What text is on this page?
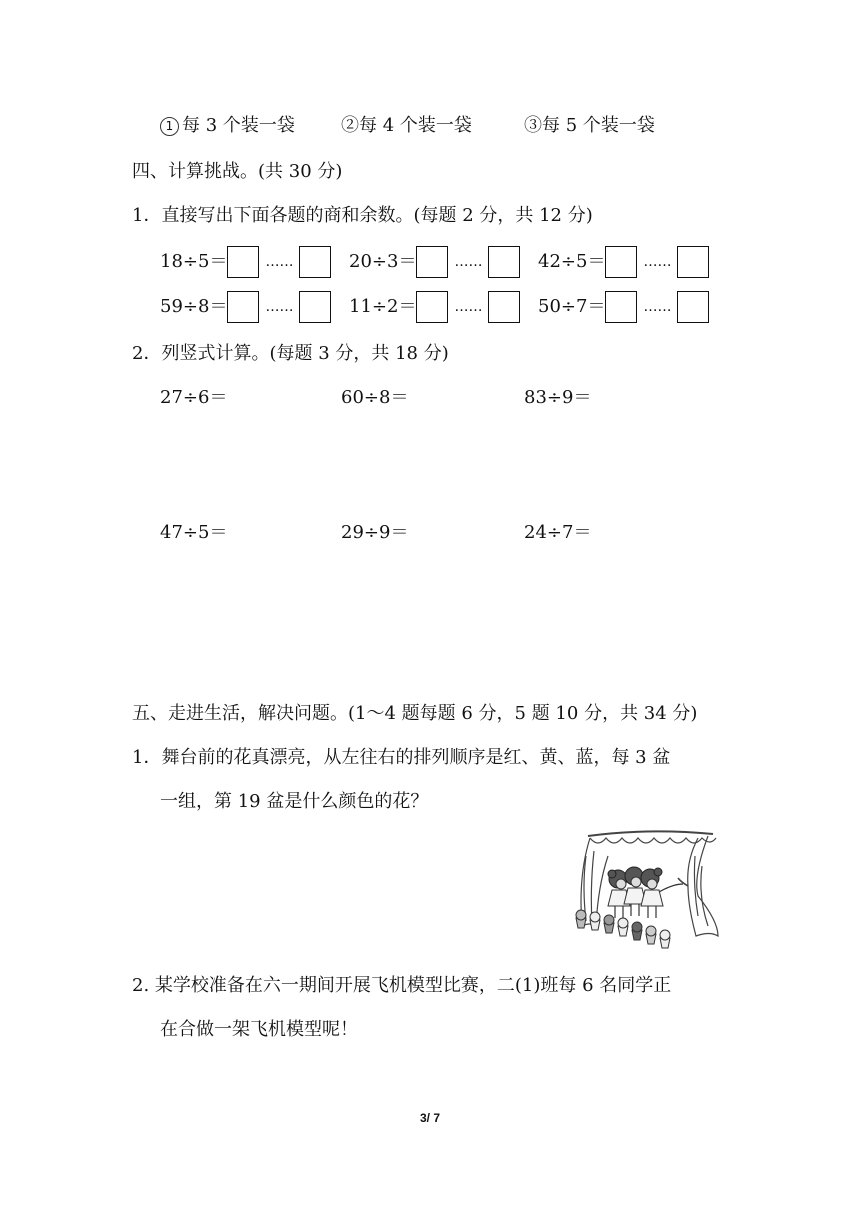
1 每 3 个装一袋	②每 4 个装一袋	③每 5 个装一袋
四、计算挑战。(共 30 分)
1．直接写出下面各题的商和余数。(每题 2 分，共 12 分)
18÷5＝	……	20÷3＝	……	42÷5＝	……
59÷8＝	……	11÷2＝	……	50÷7＝	……
2．列竖式计算。(每题 3 分，共 18 分)
27÷6＝	60÷8＝	83÷9＝
47÷5＝	29÷9＝	24÷7＝
五、走进生活，解决问题。(1～4 题每题 6 分，5 题 10 分，共 34 分)
1．舞台前的花真漂亮，从左往右的排列顺序是红、黄、蓝，每 3 盆
一组，第 19 盆是什么颜色的花？
2. 某学校准备在六一期间开展飞机模型比赛，二(1)班每 6 名同学正
在合做一架飞机模型呢！
3/ 7
